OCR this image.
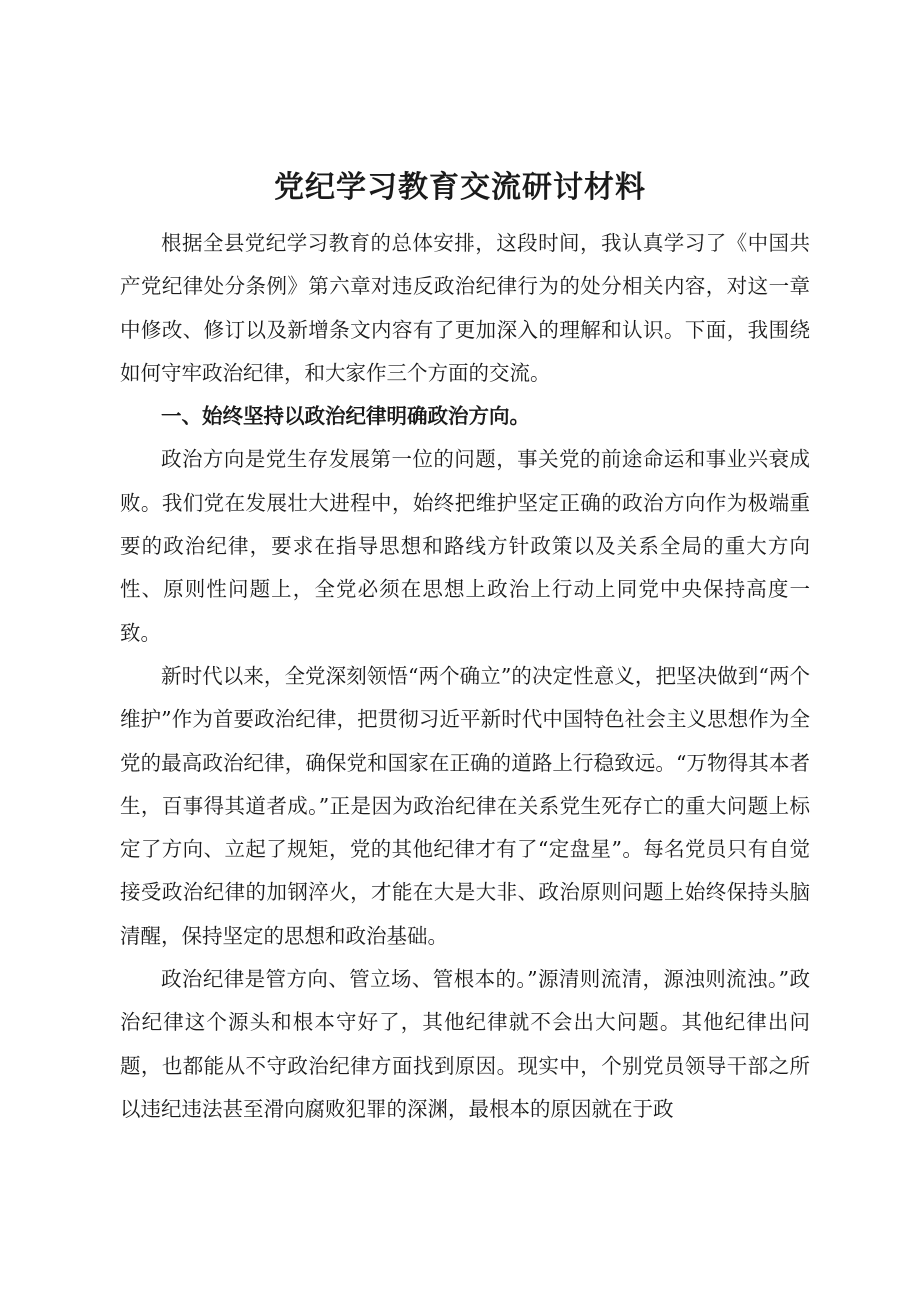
党纪学习教育交流研讨材料

根据全县党纪学习教育的总体安排，这段时间，我认真学习了《中国共产党纪律处分条例》第六章对违反政治纪律行为的处分相关内容，对这一章中修改、修订以及新增条文内容有了更加深入的理解和认识。下面，我围绕如何守牢政治纪律，和大家作三个方面的交流。

一、始终坚持以政治纪律明确政治方向。

政治方向是党生存发展第一位的问题，事关党的前途命运和事业兴衰成败。我们党在发展壮大进程中，始终把维护坚定正确的政治方向作为极端重要的政治纪律，要求在指导思想和路线方针政策以及关系全局的重大方向性、原则性问题上，全党必须在思想上政治上行动上同党中央保持高度一致。

新时代以来，全党深刻领悟“两个确立”的决定性意义，把坚决做到“两个维护”作为首要政治纪律，把贯彻习近平新时代中国特色社会主义思想作为全党的最高政治纪律，确保党和国家在正确的道路上行稳致远。“万物得其本者生，百事得其道者成。”正是因为政治纪律在关系党生死存亡的重大问题上标定了方向、立起了规矩，党的其他纪律才有了“定盘星”。每名党员只有自觉接受政治纪律的加钢淬火，才能在大是大非、政治原则问题上始终保持头脑清醒，保持坚定的思想和政治基础。

政治纪律是管方向、管立场、管根本的。”源清则流清，源浊则流浊。”政治纪律这个源头和根本守好了，其他纪律就不会出大问题。其他纪律出问题，也都能从不守政治纪律方面找到原因。现实中，个别党员领导干部之所以违纪违法甚至滑向腐败犯罪的深渊，最根本的原因就在于政
